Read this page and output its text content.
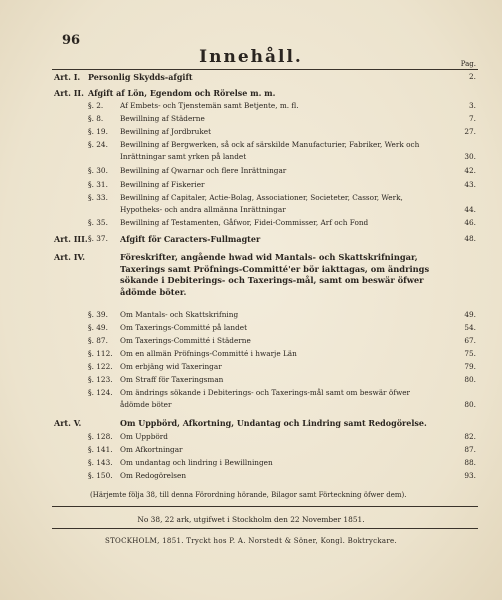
96
Innehåll.	Pag.
Art. I. Personlig Skydds-afgift	2.
Art. II. Afgift af Lön, Egendom och Rörelse m. m.
§. 2. Af Embets- och Tjenstemän samt Betjente, m. fl.	3.
§. 8. Bewillning af Städerne	7.
§. 19. Bewillning af Jordbruket	27.
§. 24. Bewillning af Bergwerken, så ock af särskilde Manufacturier, Fabriker, Werk och
Inrättningar samt yrken på landet	30.
§. 30. Bewillning af Qwarnar och flere Inrättningar	42.
§. 31. Bewillning af Fiskerier	43.
§. 33. Bewillning af Capitaler, Actie-Bolag, Associationer, Societeter, Cassor, Werk,
Hypotheks- och andra allmänna Inrättningar	44.
§. 35. Bewillning af Testamenten, Gåfwor, Fidei-Commisser, Arf och Fond	46.
Art. III. §. 37. Afgift för Caracters-Fullmagter	48.
Art. IV.	Föreskrifter, angående hwad wid Mantals- och Skattskrifningar, Taxerings samt Pröfnings-Committé'er bör iakttagas, om ändrings sökande i Debiterings- och Taxerings-mål, samt om beswär öfwer ådömde böter.
§. 39. Om Mantals- och Skattskrifning	49.
§. 49. Om Taxerings-Committé på landet	54.
§. 87. Om Taxerings-Committé i Städerne	67.
§. 112. Om en allmän Pröfnings-Committé i hwarje Län	75.
§. 122. Om erbjäng wid Taxeringar	79.
§. 123. Om Straff för Taxeringsman	80.
§. 124. Om ändrings sökande i Debiterings- och Taxerings-mål samt om beswär öfwer
ådömde böter	80.
Art. V.	Om Uppbörd, Afkortning, Undantag och Lindring samt Redogörelse.
§. 128. Om Uppbörd	82.
§. 141. Om Afkortningar	87.
§. 143. Om undantag och lindring i Bewillningen	88.
§. 150. Om Redogörelsen	93.
(Härjemte följa 38, till denna Förordning hörande, Bilagor samt Förteckning öfwer dem).
No 38, 22 ark, utgifwet i Stockholm den 22 November 1851.
STOCKHOLM, 1851. Tryckt hos P. A. Norstedt & Söner, Kongl. Boktryckare.
